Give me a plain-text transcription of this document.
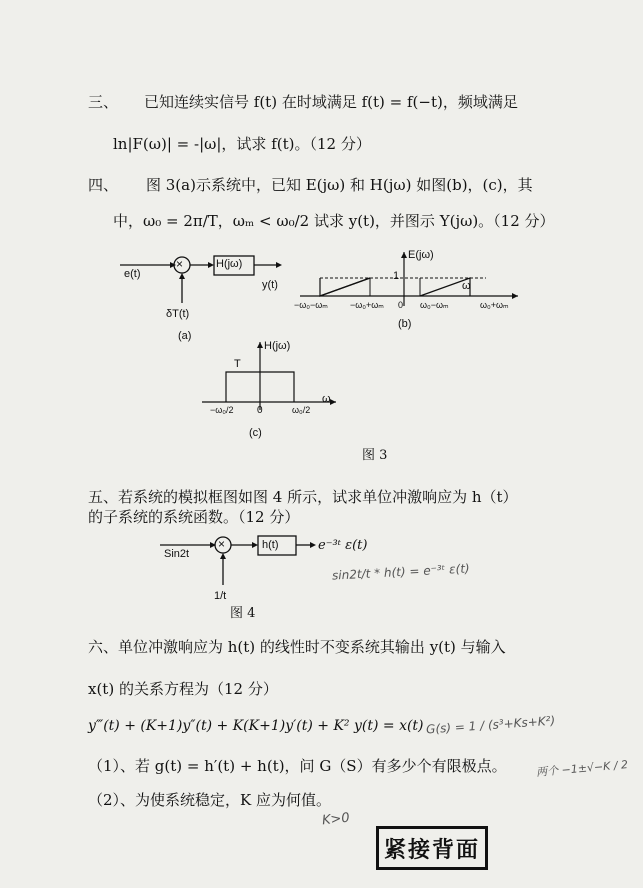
三、 已知连续实信号 f(t) 在时域满足 f(t) = f(−t)，频域满足
ln|F(ω)| = -|ω|，试求 f(t)。（12 分）
四、 图 3(a)示系统中，已知 E(jω) 和 H(jω) 如图(b)，(c)，其
中，ω₀ = 2π/T，ωₘ < ω₀/2 试求 y(t)，并图示 Y(jω)。（12 分）
e(t)
×	H(jω)
y(t)
δT(t)
(a)
E(jω)
1
ω
−ω₀−ωₘ −ω₀+ωₘ 0 ω₀−ωₘ	ω₀+ωₘ
(b)
H(jω)
T
ω
−ω₀/2 0	ω₀/2
(c)
图 3
五、若系统的模拟框图如图 4 所示，试求单位冲激响应为 h（t）
的子系统的系统函数。（12 分）
Sin2t
×	h(t)	e⁻³ᵗ ε(t)
1/t
图 4
六、单位冲激响应为 h(t) 的线性时不变系统其输出 y(t) 与输入
x(t) 的关系方程为（12 分）
y‴(t) + (K+1)y″(t) + K(K+1)y′(t) + K² y(t) = x(t)
（1）、若 g(t) = h′(t) + h(t)，问 G（S）有多少个有限极点。
（2）、为使系统稳定，K 应为何值。
sin2t/t * h(t) = e⁻³ᵗ ε(t)
G(s) = 1 / (s³+Ks+K²)
K>0
两个 −1±√−K / 2
紧接背面
